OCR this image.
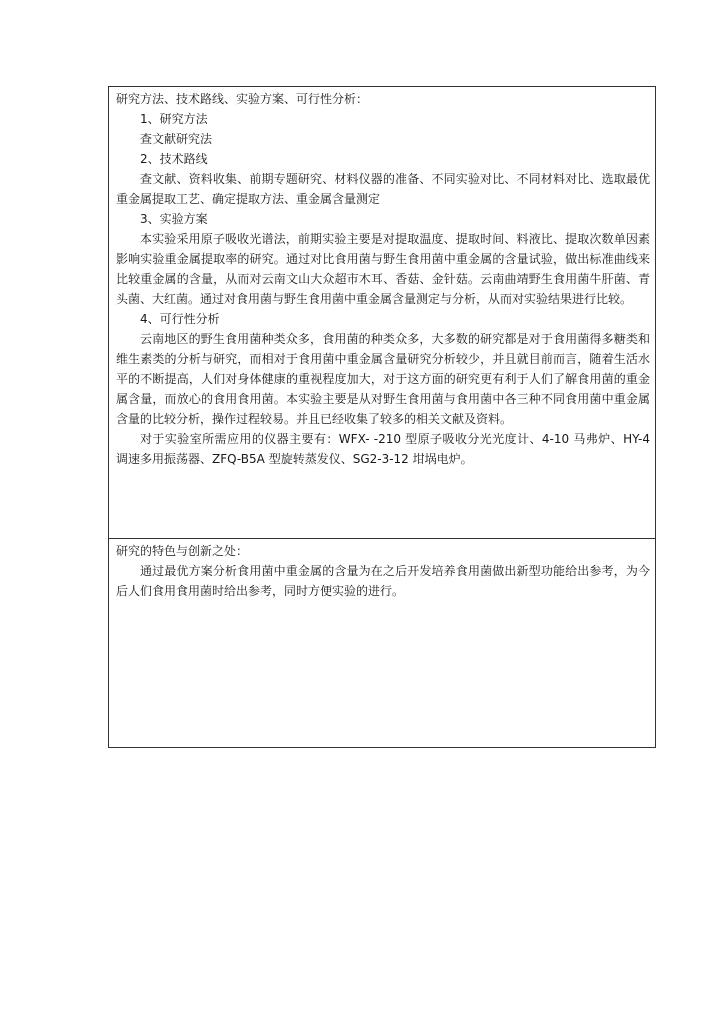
研究方法、技术路线、实验方案、可行性分析：

1、研究方法

查文献研究法

2、技术路线

查文献、资料收集、前期专题研究、材料仪器的准备、不同实验对比、不同材料对比、选取最优重金属提取工艺、确定提取方法、重金属含量测定

3、实验方案

本实验采用原子吸收光谱法，前期实验主要是对提取温度、提取时间、料液比、提取次数单因素影响实验重金属提取率的研究。通过对比食用菌与野生食用菌中重金属的含量试验，做出标准曲线来比较重金属的含量，从而对云南文山大众超市木耳、香菇、金针菇。云南曲靖野生食用菌牛肝菌、青头菌、大红菌。通过对食用菌与野生食用菌中重金属含量测定与分析，从而对实验结果进行比较。

4、可行性分析

云南地区的野生食用菌种类众多，食用菌的种类众多，大多数的研究都是对于食用菌得多糖类和维生素类的分析与研究，而相对于食用菌中重金属含量研究分析较少，并且就目前而言，随着生活水平的不断提高，人们对身体健康的重视程度加大，对于这方面的研究更有利于人们了解食用菌的重金属含量，而放心的食用食用菌。本实验主要是从对野生食用菌与食用菌中各三种不同食用菌中重金属含量的比较分析，操作过程较易。并且已经收集了较多的相关文献及资料。

对于实验室所需应用的仪器主要有：WFX- -210 型原子吸收分光光度计、4-10 马弗炉、HY-4 调速多用振荡器、ZFQ-B5A 型旋转蒸发仪、SG2-3-12 坩埚电炉。

研究的特色与创新之处：

通过最优方案分析食用菌中重金属的含量为在之后开发培养食用菌做出新型功能给出参考，为今后人们食用食用菌时给出参考，同时方便实验的进行。
